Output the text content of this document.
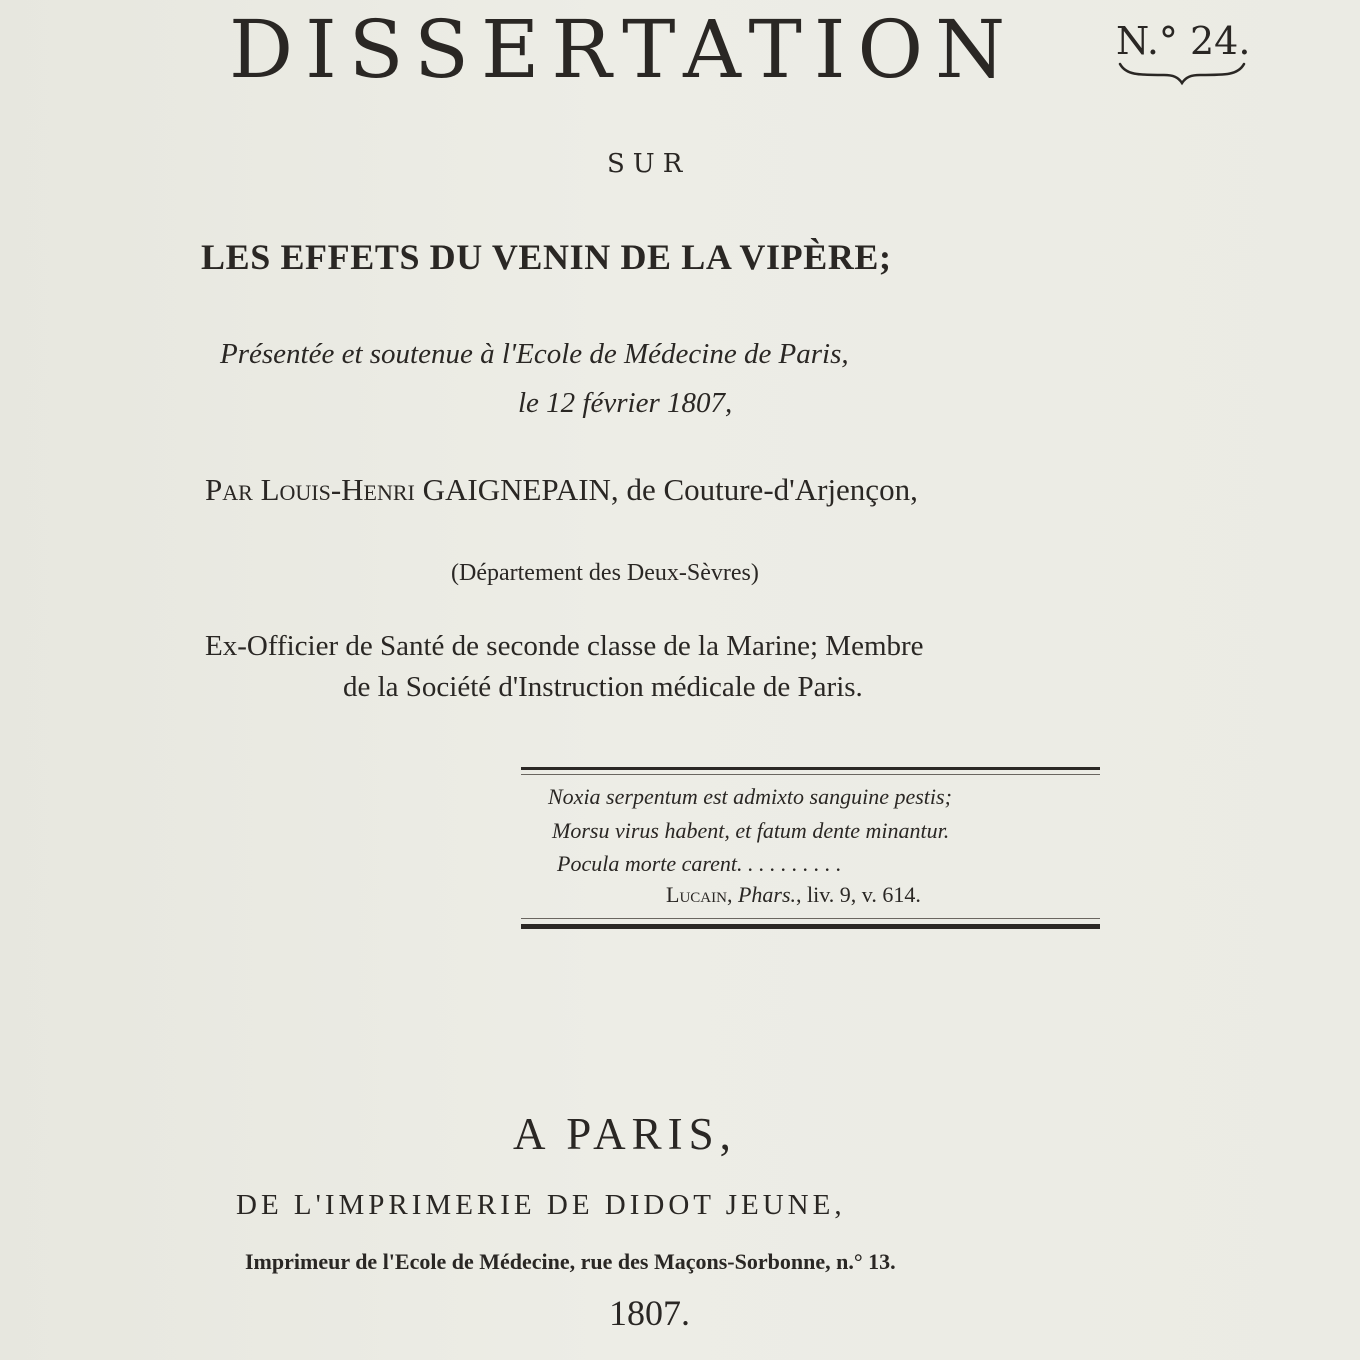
DISSERTATION	N.° 24.
SUR
LES EFFETS DU VENIN DE LA VIPÈRE;
Présentée et soutenue à l'Ecole de Médecine de Paris,
le 12 février 1807,
Par Louis-Henri GAIGNEPAIN, de Couture-d'Arjençon,
(Département des Deux-Sèvres)
Ex-Officier de Santé de seconde classe de la Marine; Membre
de la Société d'Instruction médicale de Paris.
Noxia serpentum est admixto sanguine pestis;
Morsu virus habent, et fatum dente minantur.
Pocula morte carent. . . . . . . . . .
Lucain, Phars., liv. 9, v. 614.
A PARIS,
DE L'IMPRIMERIE DE DIDOT JEUNE,
Imprimeur de l'Ecole de Médecine, rue des Maçons-Sorbonne, n.° 13.
1807.
